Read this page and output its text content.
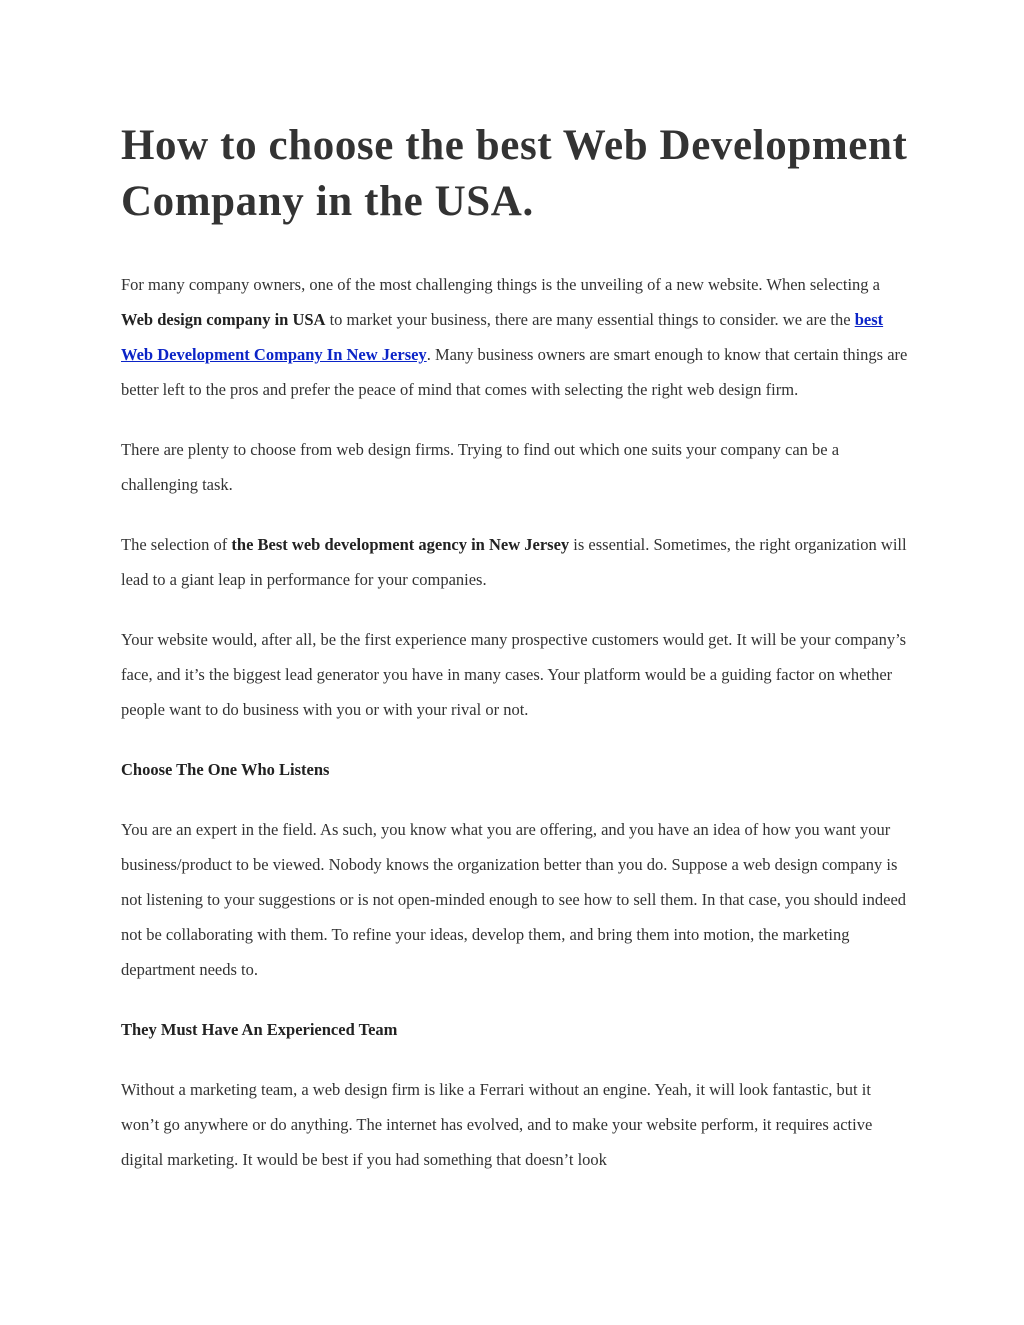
How to choose the best Web Development Company in the USA.

For many company owners, one of the most challenging things is the unveiling of a new website. When selecting a Web design company in USA to market your business, there are many essential things to consider. we are the best Web Development Company In New Jersey. Many business owners are smart enough to know that certain things are better left to the pros and prefer the peace of mind that comes with selecting the right web design firm.

There are plenty to choose from web design firms. Trying to find out which one suits your company can be a challenging task.

The selection of the Best web development agency in New Jersey is essential. Sometimes, the right organization will lead to a giant leap in performance for your companies.

Your website would, after all, be the first experience many prospective customers would get. It will be your company’s face, and it’s the biggest lead generator you have in many cases. Your platform would be a guiding factor on whether people want to do business with you or with your rival or not.

Choose The One Who Listens

You are an expert in the field. As such, you know what you are offering, and you have an idea of how you want your business/product to be viewed. Nobody knows the organization better than you do. Suppose a web design company is not listening to your suggestions or is not open-minded enough to see how to sell them. In that case, you should indeed not be collaborating with them. To refine your ideas, develop them, and bring them into motion, the marketing department needs to.

They Must Have An Experienced Team

Without a marketing team, a web design firm is like a Ferrari without an engine. Yeah, it will look fantastic, but it won’t go anywhere or do anything. The internet has evolved, and to make your website perform, it requires active digital marketing. It would be best if you had something that doesn’t look
